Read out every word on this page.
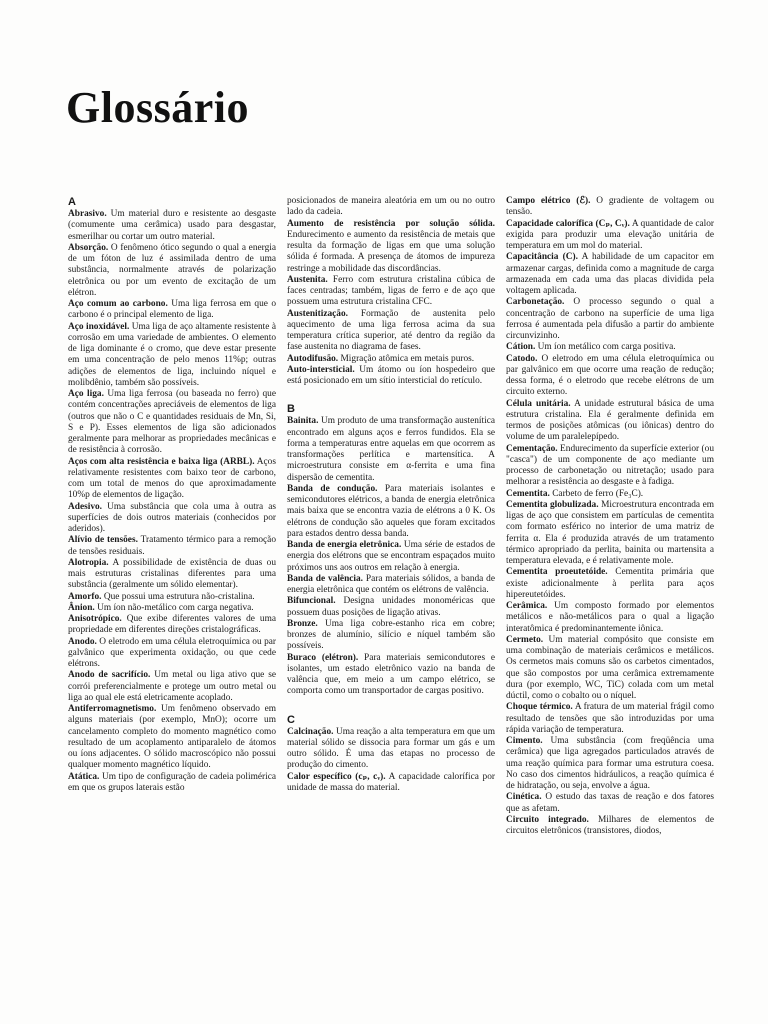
Glossário
A

Abrasivo. Um material duro e resistente ao desgaste (comumente uma cerâmica) usado para desgastar, esmerilhar ou cortar um outro material.

Absorção. O fenômeno ótico segundo o qual a energia de um fóton de luz é assimilada dentro de uma substância, normalmente através de polarização eletrônica ou por um evento de excitação de um elétron.

Aço comum ao carbono. Uma liga ferrosa em que o carbono é o principal elemento de liga.

Aço inoxidável. Uma liga de aço altamente resistente à corrosão em uma variedade de ambientes. O elemento de liga dominante é o cromo, que deve estar presente em uma concentração de pelo menos 11%p; outras adições de elementos de liga, incluindo níquel e molibdênio, também são possíveis.

Aço liga. Uma liga ferrosa (ou baseada no ferro) que contém concentrações apreciáveis de elementos de liga (outros que não o C e quantidades residuais de Mn, Si, S e P). Esses elementos de liga são adicionados geralmente para melhorar as propriedades mecânicas e de resistência à corrosão.

Aços com alta resistência e baixa liga (ARBL). Aços relativamente resistentes com baixo teor de carbono, com um total de menos do que aproximadamente 10%p de elementos de ligação.

Adesivo. Uma substância que cola uma à outra as superfícies de dois outros materiais (conhecidos por aderidos).

Alívio de tensões. Tratamento térmico para a remoção de tensões residuais.

Alotropia. A possibilidade de existência de duas ou mais estruturas cristalinas diferentes para uma substância (geralmente um sólido elementar).

Amorfo. Que possui uma estrutura não-cristalina.

Ânion. Um íon não-metálico com carga negativa.

Anisotrópico. Que exibe diferentes valores de uma propriedade em diferentes direções cristalográficas.

Anodo. O eletrodo em uma célula eletroquímica ou par galvânico que experimenta oxidação, ou que cede elétrons.

Anodo de sacrifício. Um metal ou liga ativo que se corrói preferencialmente e protege um outro metal ou liga ao qual ele está eletricamente acoplado.

Antiferromagnetismo. Um fenômeno observado em alguns materiais (por exemplo, MnO); ocorre um cancelamento completo do momento magnético como resultado de um acoplamento antiparalelo de átomos ou íons adjacentes. O sólido macroscópico não possui qualquer momento magnético líquido.

Atática. Um tipo de configuração de cadeia polimérica em que os grupos laterais estão

posicionados de maneira aleatória em um ou no outro lado da cadeia.

Aumento de resistência por solução sólida. Endurecimento e aumento da resistência de metais que resulta da formação de ligas em que uma solução sólida é formada. A presença de átomos de impureza restringe a mobilidade das discordâncias.

Austenita. Ferro com estrutura cristalina cúbica de faces centradas; também, ligas de ferro e de aço que possuem uma estrutura cristalina CFC.

Austenitização. Formação de austenita pelo aquecimento de uma liga ferrosa acima da sua temperatura crítica superior, até dentro da região da fase austenita no diagrama de fases.

Autodifusão. Migração atômica em metais puros.

Auto-intersticial. Um átomo ou íon hospedeiro que está posicionado em um sítio intersticial do retículo.

B

Bainita. Um produto de uma transformação austenítica encontrado em alguns aços e ferros fundidos. Ela se forma a temperaturas entre aquelas em que ocorrem as transformações perlítica e martensítica. A microestrutura consiste em α-ferrita e uma fina dispersão de cementita.

Banda de condução. Para materiais isolantes e semicondutores elétricos, a banda de energia eletrônica mais baixa que se encontra vazia de elétrons a 0 K. Os elétrons de condução são aqueles que foram excitados para estados dentro dessa banda.

Banda de energia eletrônica. Uma série de estados de energia dos elétrons que se encontram espaçados muito próximos uns aos outros em relação à energia.

Banda de valência. Para materiais sólidos, a banda de energia eletrônica que contém os elétrons de valência.

Bifuncional. Designa unidades monoméricas que possuem duas posições de ligação ativas.

Bronze. Uma liga cobre-estanho rica em cobre; bronzes de alumínio, silício e níquel também são possíveis.

Buraco (elétron). Para materiais semicondutores e isolantes, um estado eletrônico vazio na banda de valência que, em meio a um campo elétrico, se comporta como um transportador de cargas positivo.

C

Calcinação. Uma reação a alta temperatura em que um material sólido se dissocia para formar um gás e um outro sólido. É uma das etapas no processo de produção do cimento.

Calor específico (cₚ, cᵥ). A capacidade calorífica por unidade de massa do material.

Campo elétrico (ℰ). O gradiente de voltagem ou tensão.

Capacidade calorífica (Cₚ, Cᵥ). A quantidade de calor exigida para produzir uma elevação unitária de temperatura em um mol do material.

Capacitância (C). A habilidade de um capacitor em armazenar cargas, definida como a magnitude de carga armazenada em cada uma das placas dividida pela voltagem aplicada.

Carbonetação. O processo segundo o qual a concentração de carbono na superfície de uma liga ferrosa é aumentada pela difusão a partir do ambiente circunvizinho.

Cátion. Um íon metálico com carga positiva.

Catodo. O eletrodo em uma célula eletroquímica ou par galvânico em que ocorre uma reação de redução; dessa forma, é o eletrodo que recebe elétrons de um circuito externo.

Célula unitária. A unidade estrutural básica de uma estrutura cristalina. Ela é geralmente definida em termos de posições atômicas (ou iônicas) dentro do volume de um paralelepípedo.

Cementação. Endurecimento da superfície exterior (ou "casca") de um componente de aço mediante um processo de carbonetação ou nitretação; usado para melhorar a resistência ao desgaste e à fadiga.

Cementita. Carbeto de ferro (Fe₃C).

Cementita globulizada. Microestrutura encontrada em ligas de aço que consistem em partículas de cementita com formato esférico no interior de uma matriz de ferrita α. Ela é produzida através de um tratamento térmico apropriado da perlita, bainita ou martensita a temperatura elevada, e é relativamente mole.

Cementita proeutetóide. Cementita primária que existe adicionalmente à perlita para aços hipereutetóides.

Cerâmica. Um composto formado por elementos metálicos e não-metálicos para o qual a ligação interatômica é predominantemente iônica.

Cermeto. Um material compósito que consiste em uma combinação de materiais cerâmicos e metálicos. Os cermetos mais comuns são os carbetos cimentados, que são compostos por uma cerâmica extremamente dura (por exemplo, WC, TiC) colada com um metal dúctil, como o cobalto ou o níquel.

Choque térmico. A fratura de um material frágil como resultado de tensões que são introduzidas por uma rápida variação de temperatura.

Cimento. Uma substância (com freqüência uma cerâmica) que liga agregados particulados através de uma reação química para formar uma estrutura coesa. No caso dos cimentos hidráulicos, a reação química é de hidratação, ou seja, envolve a água.

Cinética. O estudo das taxas de reação e dos fatores que as afetam.

Circuito integrado. Milhares de elementos de circuitos eletrônicos (transistores, diodos,
